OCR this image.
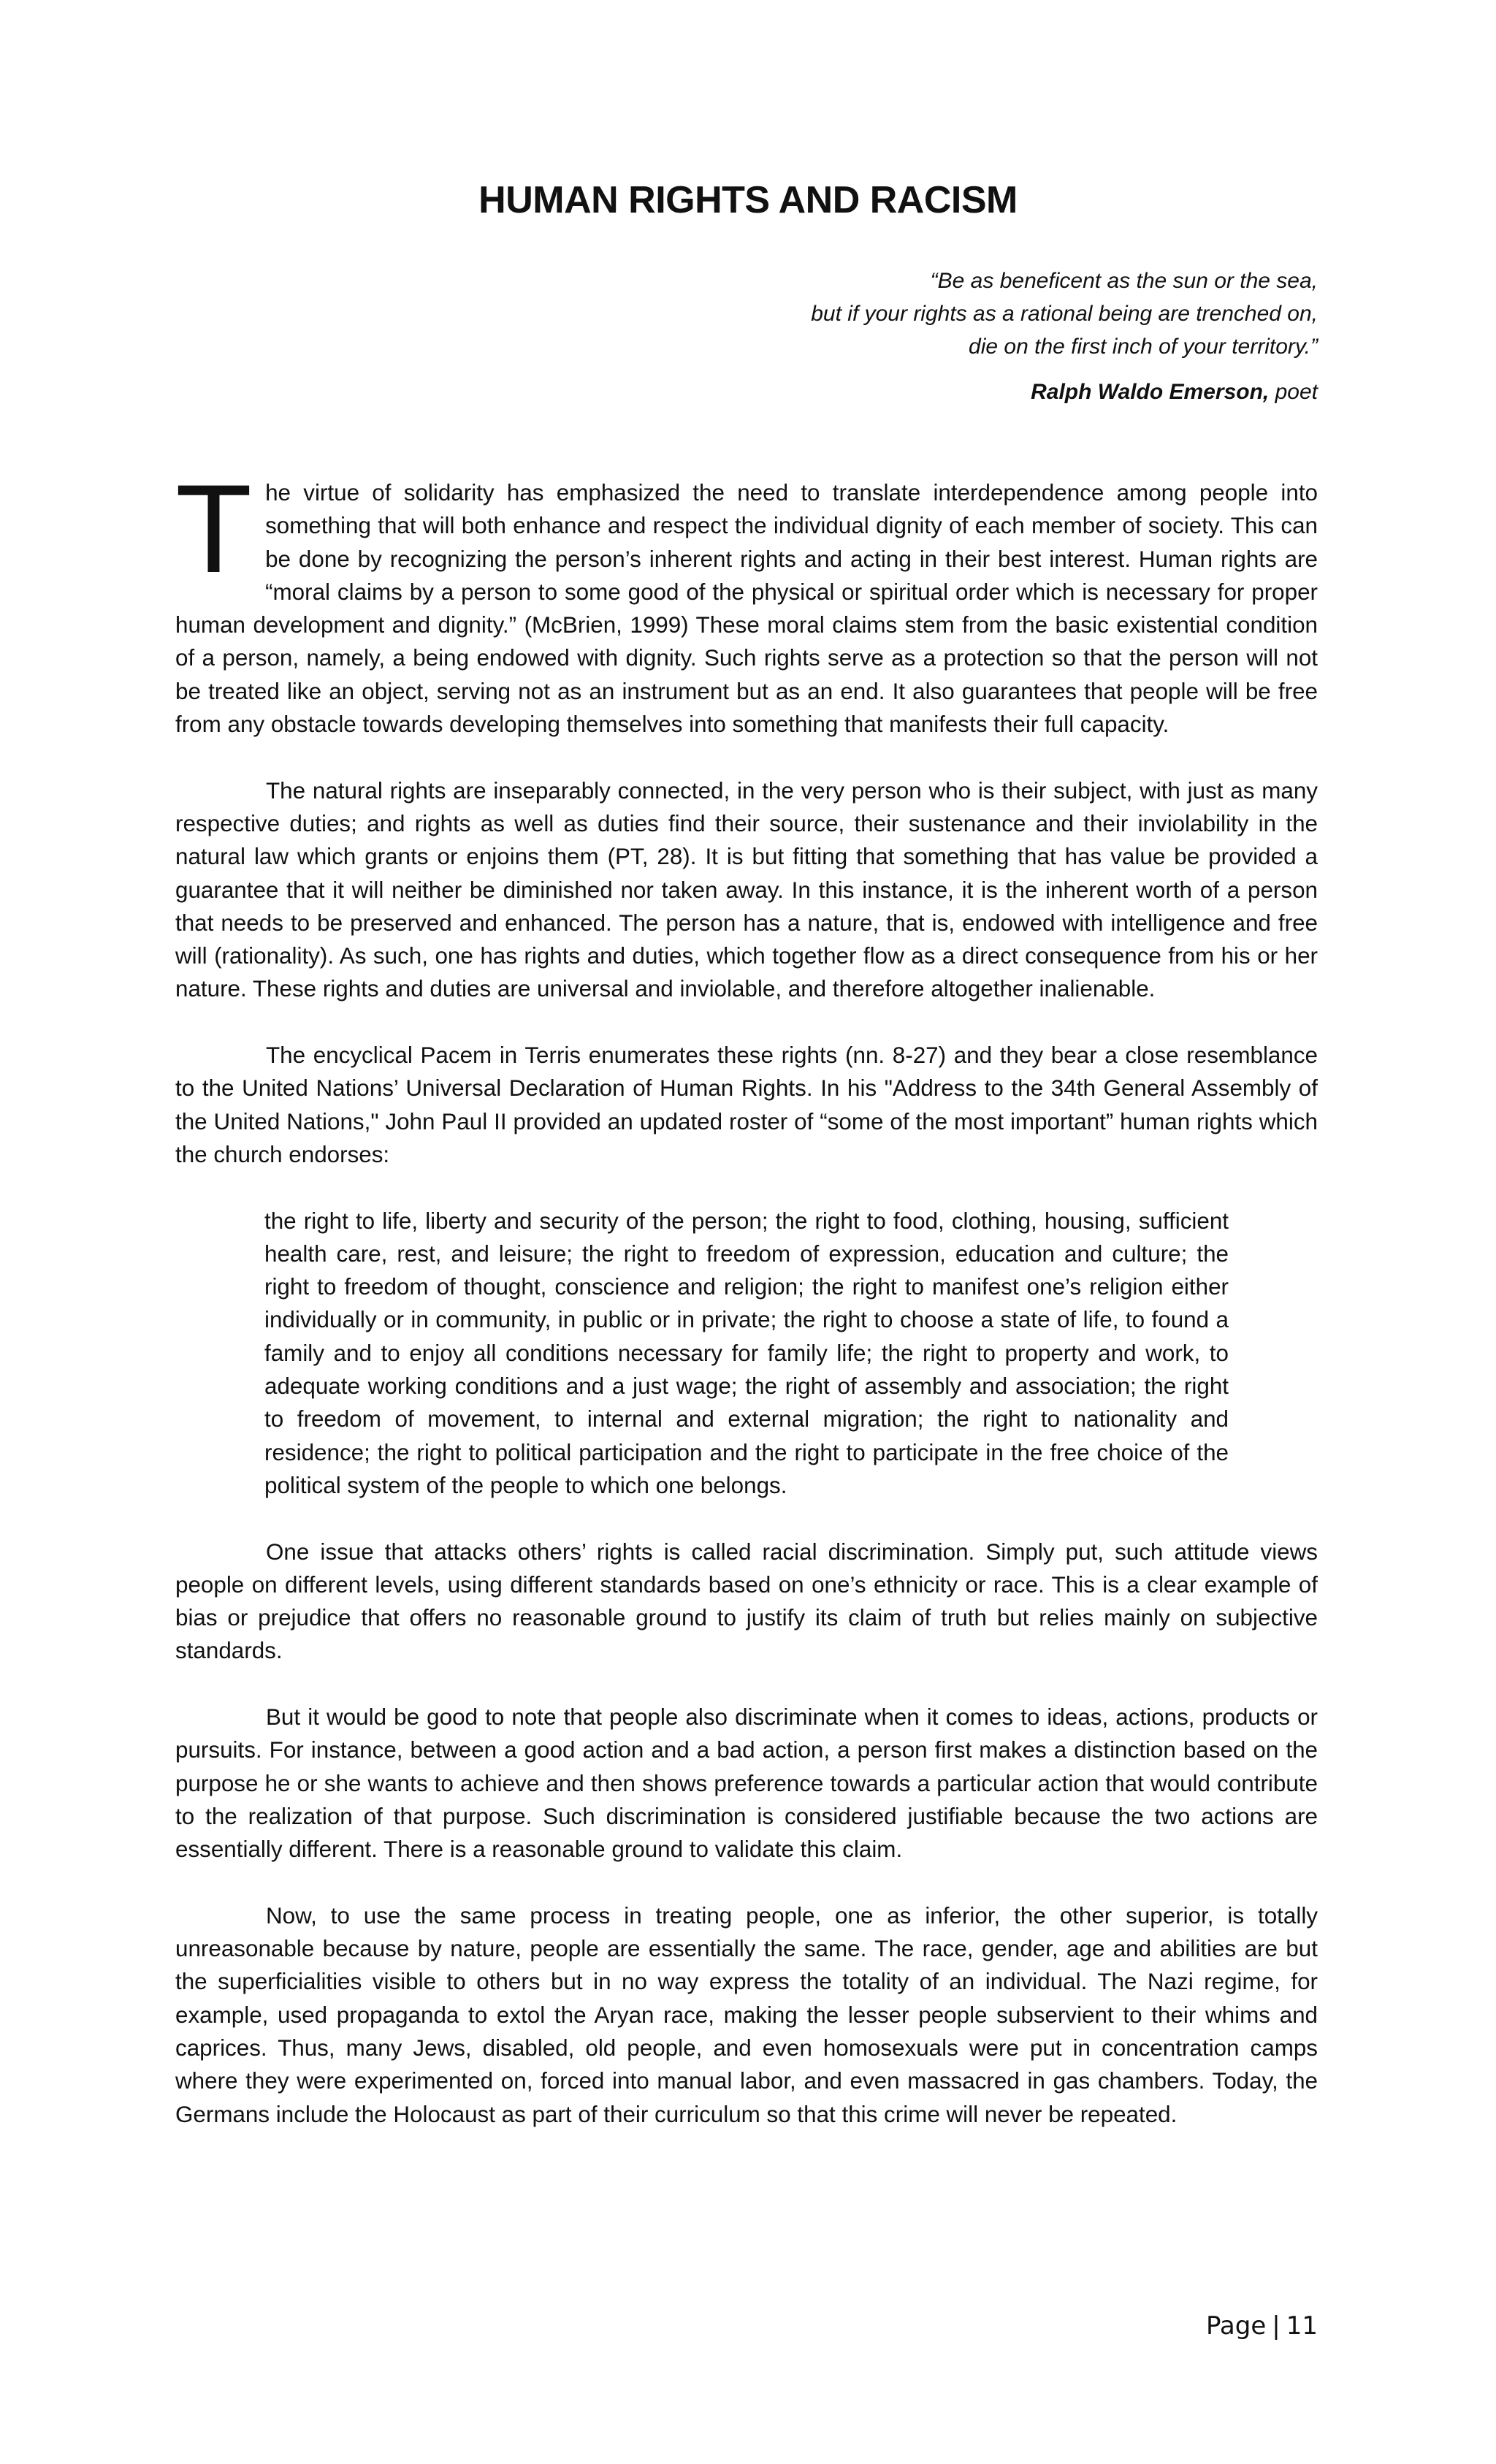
HUMAN RIGHTS AND RACISM

“Be as beneficent as the sun or the sea,

but if your rights as a rational being are trenched on,

die on the first inch of your territory.”

Ralph Waldo Emerson, poet

The virtue of solidarity has emphasized the need to translate interdependence among people into something that will both enhance and respect the individual dignity of each member of society. This can be done by recognizing the person’s inherent rights and acting in their best interest. Human rights are “moral claims by a person to some good of the physical or spiritual order which is necessary for proper human development and dignity.” (McBrien, 1999) These moral claims stem from the basic existential condition of a person, namely, a being endowed with dignity. Such rights serve as a protection so that the person will not be treated like an object, serving not as an instrument but as an end. It also guarantees that people will be free from any obstacle towards developing themselves into something that manifests their full capacity.

The natural rights are inseparably connected, in the very person who is their subject, with just as many respective duties; and rights as well as duties find their source, their sustenance and their inviolability in the natural law which grants or enjoins them (PT, 28). It is but fitting that something that has value be provided a guarantee that it will neither be diminished nor taken away. In this instance, it is the inherent worth of a person that needs to be preserved and enhanced. The person has a nature, that is, endowed with intelligence and free will (rationality). As such, one has rights and duties, which together flow as a direct consequence from his or her nature. These rights and duties are universal and inviolable, and therefore altogether inalienable.

The encyclical Pacem in Terris enumerates these rights (nn. 8-27) and they bear a close resemblance to the United Nations’ Universal Declaration of Human Rights. In his "Address to the 34th General Assembly of the United Nations," John Paul II provided an updated roster of “some of the most important” human rights which the church endorses:

the right to life, liberty and security of the person; the right to food, clothing, housing, sufficient health care, rest, and leisure; the right to freedom of expression, education and culture; the right to freedom of thought, conscience and religion; the right to manifest one’s religion either individually or in community, in public or in private; the right to choose a state of life, to found a family and to enjoy all conditions necessary for family life; the right to property and work, to adequate working conditions and a just wage; the right of assembly and association; the right to freedom of movement, to internal and external migration; the right to nationality and residence; the right to political participation and the right to participate in the free choice of the political system of the people to which one belongs.

One issue that attacks others’ rights is called racial discrimination. Simply put, such attitude views people on different levels, using different standards based on one’s ethnicity or race. This is a clear example of bias or prejudice that offers no reasonable ground to justify its claim of truth but relies mainly on subjective standards.

But it would be good to note that people also discriminate when it comes to ideas, actions, products or pursuits. For instance, between a good action and a bad action, a person first makes a distinction based on the purpose he or she wants to achieve and then shows preference towards a particular action that would contribute to the realization of that purpose. Such discrimination is considered justifiable because the two actions are essentially different. There is a reasonable ground to validate this claim.

Now, to use the same process in treating people, one as inferior, the other superior, is totally unreasonable because by nature, people are essentially the same. The race, gender, age and abilities are but the superficialities visible to others but in no way express the totality of an individual. The Nazi regime, for example, used propaganda to extol the Aryan race, making the lesser people subservient to their whims and caprices. Thus, many Jews, disabled, old people, and even homosexuals were put in concentration camps where they were experimented on, forced into manual labor, and even massacred in gas chambers. Today, the Germans include the Holocaust as part of their curriculum so that this crime will never be repeated.

Page | 11
